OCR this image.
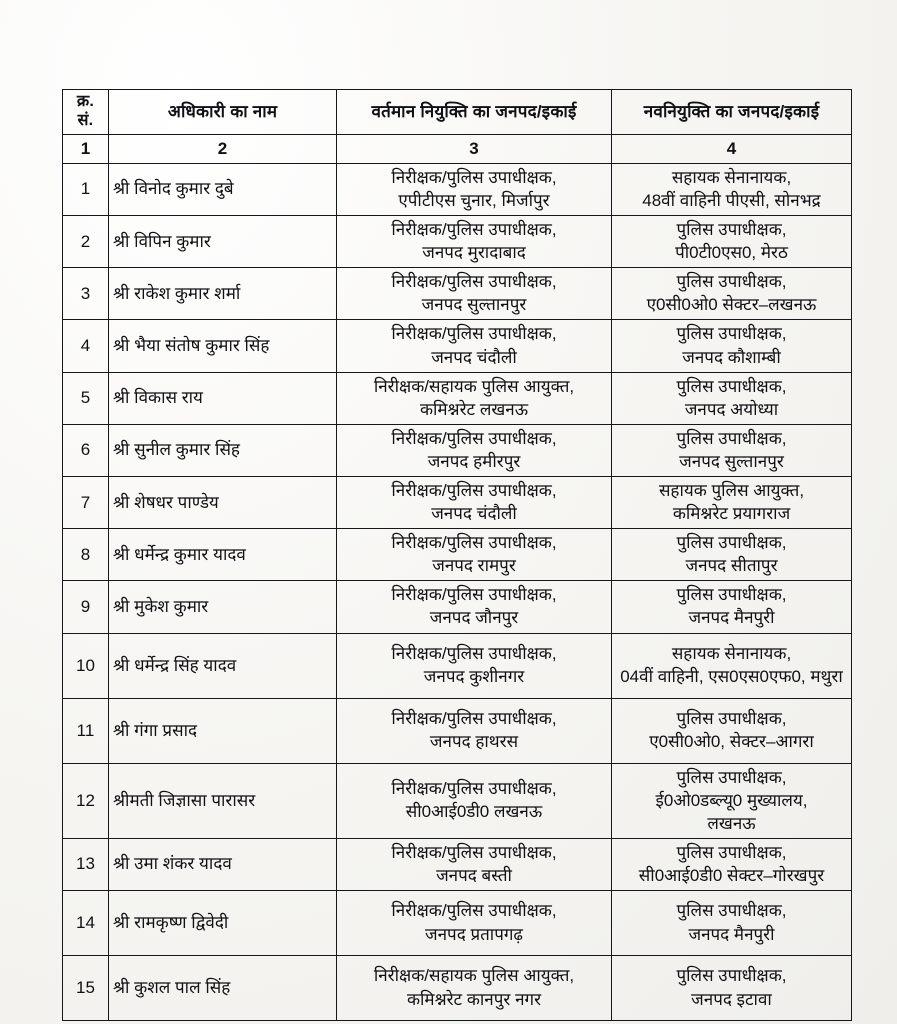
क्र.
सं.	अधिकारी का नाम	वर्तमान नियुक्ति का जनपद/इकाई	नवनियुक्ति का जनपद/इकाई
1	2	3	4
1	श्री विनोद कुमार दुबे	निरीक्षक/पुलिस उपाधीक्षक,
एपीटीएस चुनार, मिर्जापुर	सहायक सेनानायक,
48वीं वाहिनी पीएसी, सोनभद्र

2	श्री विपिन कुमार	निरीक्षक/पुलिस उपाधीक्षक,
जनपद मुरादाबाद	पुलिस उपाधीक्षक,
पी0टी0एस0, मेरठ

3	श्री राकेश कुमार शर्मा	निरीक्षक/पुलिस उपाधीक्षक,
जनपद सुल्तानपुर	पुलिस उपाधीक्षक,
ए0सी0ओ0 सेक्टर–लखनऊ

4	श्री भैया संतोष कुमार सिंह	निरीक्षक/पुलिस उपाधीक्षक,
जनपद चंदौली	पुलिस उपाधीक्षक,
जनपद कौशाम्बी

5	श्री विकास राय	निरीक्षक/सहायक पुलिस आयुक्त,
कमिश्नरेट लखनऊ	पुलिस उपाधीक्षक,
जनपद अयोध्या

6	श्री सुनील कुमार सिंह	निरीक्षक/पुलिस उपाधीक्षक,
जनपद हमीरपुर	पुलिस उपाधीक्षक,
जनपद सुल्तानपुर

7	श्री शेषधर पाण्डेय	निरीक्षक/पुलिस उपाधीक्षक,
जनपद चंदौली	सहायक पुलिस आयुक्त,
कमिश्नरेट प्रयागराज

8	श्री धर्मेन्द्र कुमार यादव	निरीक्षक/पुलिस उपाधीक्षक,
जनपद रामपुर	पुलिस उपाधीक्षक,
जनपद सीतापुर

9	श्री मुकेश कुमार	निरीक्षक/पुलिस उपाधीक्षक,
जनपद जौनपुर	पुलिस उपाधीक्षक,
जनपद मैनपुरी

10	श्री धर्मेन्द्र सिंह यादव	निरीक्षक/पुलिस उपाधीक्षक,
जनपद कुशीनगर	सहायक सेनानायक,
04वीं वाहिनी, एस0एस0एफ0, मथुरा

11	श्री गंगा प्रसाद	निरीक्षक/पुलिस उपाधीक्षक,
जनपद हाथरस	पुलिस उपाधीक्षक,
ए0सी0ओ0, सेक्टर–आगरा

12	श्रीमती जिज्ञासा पारासर	निरीक्षक/पुलिस उपाधीक्षक,
सी0आई0डी0 लखनऊ	पुलिस उपाधीक्षक,
ई0ओ0डब्ल्यू0 मुख्यालय,
लखनऊ

13	श्री उमा शंकर यादव	निरीक्षक/पुलिस उपाधीक्षक,
जनपद बस्ती	पुलिस उपाधीक्षक,
सी0आई0डी0 सेक्टर–गोरखपुर

14	श्री रामकृष्ण द्विवेदी	निरीक्षक/पुलिस उपाधीक्षक,
जनपद प्रतापगढ़	पुलिस उपाधीक्षक,
जनपद मैनपुरी

15	श्री कुशल पाल सिंह	निरीक्षक/सहायक पुलिस आयुक्त,
कमिश्नरेट कानपुर नगर	पुलिस उपाधीक्षक,
जनपद इटावा
